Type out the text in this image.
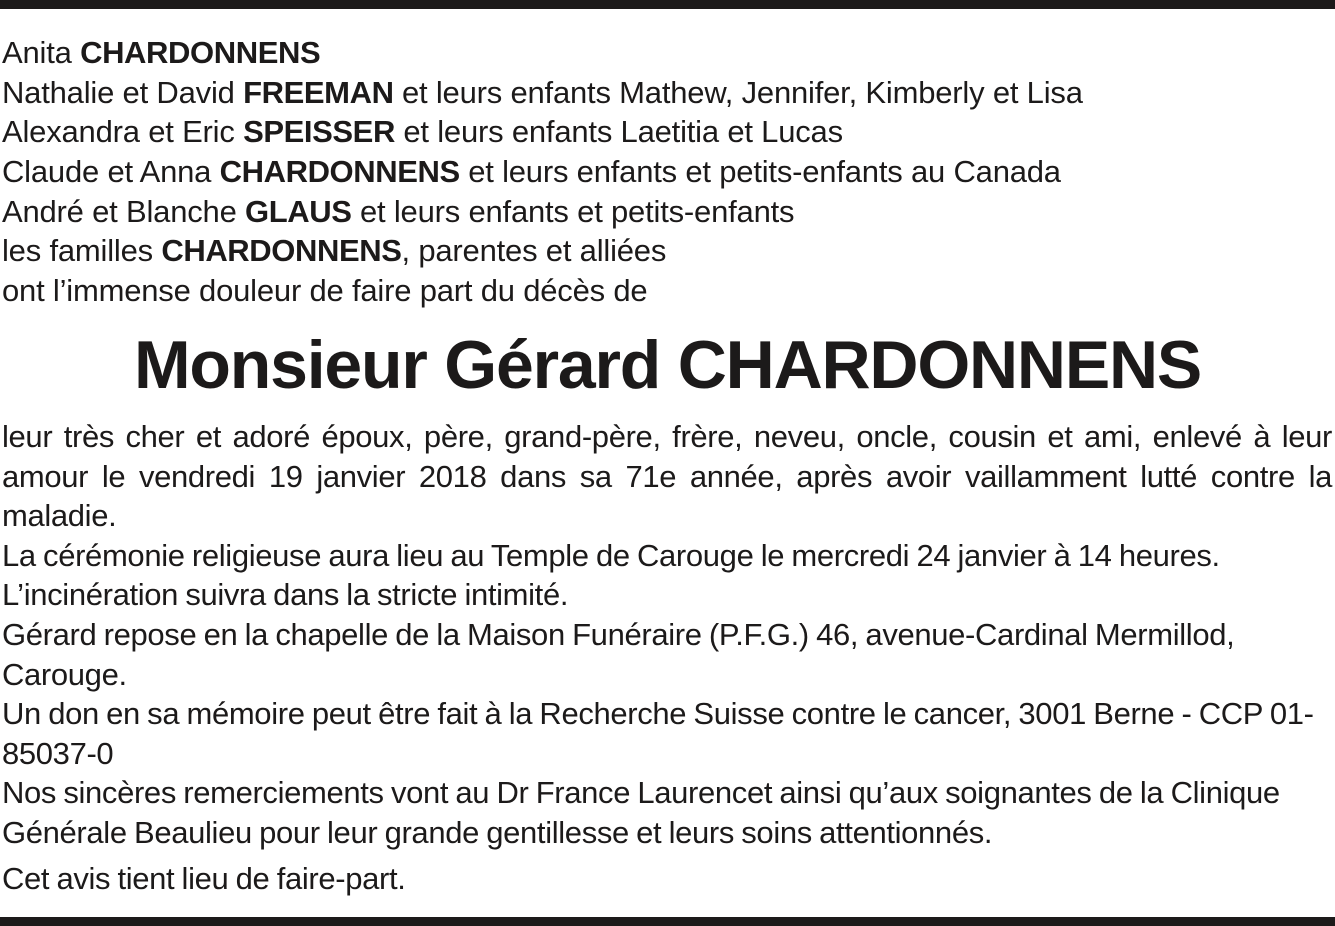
Anita CHARDONNENS
Nathalie et David FREEMAN et leurs enfants Mathew, Jennifer, Kimberly et Lisa
Alexandra et Eric SPEISSER et leurs enfants Laetitia et Lucas
Claude et Anna CHARDONNENS et leurs enfants et petits-enfants au Canada
André et Blanche GLAUS et leurs enfants et petits-enfants
les familles CHARDONNENS, parentes et alliées
ont l’immense douleur de faire part du décès de
Monsieur Gérard CHARDONNENS

leur très cher et adoré époux, père, grand-père, frère, neveu, oncle, cousin et ami, enlevé à leur amour le vendredi 19 janvier 2018 dans sa 71e année, après avoir vaillamment lutté contre la maladie.

La cérémonie religieuse aura lieu au Temple de Carouge le mercredi 24 janvier à 14 heures.

L’incinération suivra dans la stricte intimité.

Gérard repose en la chapelle de la Maison Funéraire (P.F.G.) 46, avenue-Cardinal Mermillod, Carouge.

Un don en sa mémoire peut être fait à la Recherche Suisse contre le cancer, 3001 Berne - CCP 01-85037-0

Nos sincères remerciements vont au Dr France Laurencet ainsi qu’aux soignantes de la Clinique Générale Beaulieu pour leur grande gentillesse et leurs soins attentionnés.

Cet avis tient lieu de faire-part.
